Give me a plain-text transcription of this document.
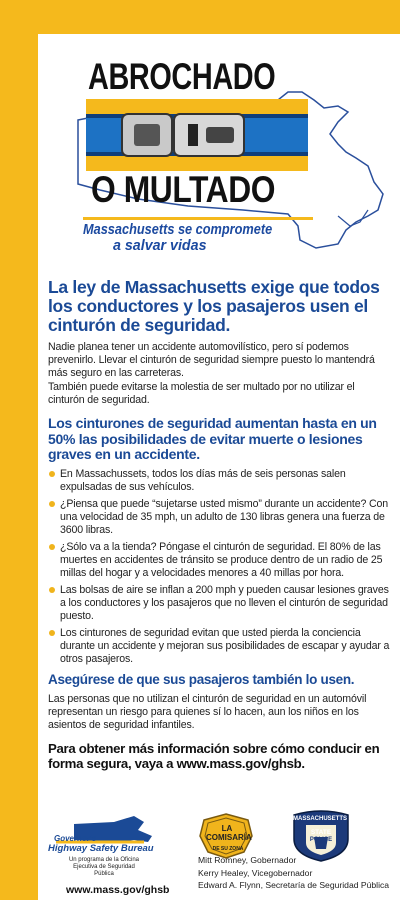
ABROCHADO
O MULTADO
Massachusetts se compromete
a salvar vidas
La ley de Massachusetts exige que todos los conductores y los pasajeros usen el cinturón de seguridad.

Nadie planea tener un accidente automovilístico, pero sí podemos prevenirlo. Llevar el cinturón de seguridad siempre puesto lo mantendrá más seguro en las carreteras.

También puede evitarse la molestia de ser multado por no utilizar el cinturón de seguridad.

Los cinturones de seguridad aumentan hasta en un 50% las posibilidades de evitar muerte o lesiones graves en un accidente.
En Massachussets, todos los días más de seis personas salen expulsadas de sus vehículos.
¿Piensa que puede “sujetarse usted mismo” durante un accidente? Con una velocidad de 35 mph, un adulto de 130 libras genera una fuerza de 3600 libras.
¿Sólo va a la tienda? Póngase el cinturón de seguridad. El 80% de las muertes en accidentes de tránsito se produce dentro de un radio de 25 millas del hogar y a velocidades menores a 40 millas por hora.
Las bolsas de aire se inflan a 200 mph y pueden causar lesiones graves a los conductores y los pasajeros que no lleven el cinturón de seguridad puesto.
Los cinturones de seguridad evitan que usted pierda la conciencia durante un accidente y mejoran sus posibilidades de escapar y ayudar a otros pasajeros.
Asegúrese de que sus pasajeros también lo usen.

Las personas que no utilizan el cinturón de seguridad en un automóvil representan un riesgo para quienes sí lo hacen, aun los niños en los asientos de seguridad infantiles.

Para obtener más información sobre cómo conducir en forma segura, vaya a www.mass.gov/ghsb.

Governor's
Highway Safety Bureau
Un programa de la Oficina Ejecutiva de Seguridad Pública
www.mass.gov/ghsb
LA
COMISARÍA
DE SU ZONA
MASSACHUSETTS
STATE
POLICE
Mitt Romney, Gobernador
Kerry Healey, Vicegobernador
Edward A. Flynn, Secretaría de Seguridad Pública
